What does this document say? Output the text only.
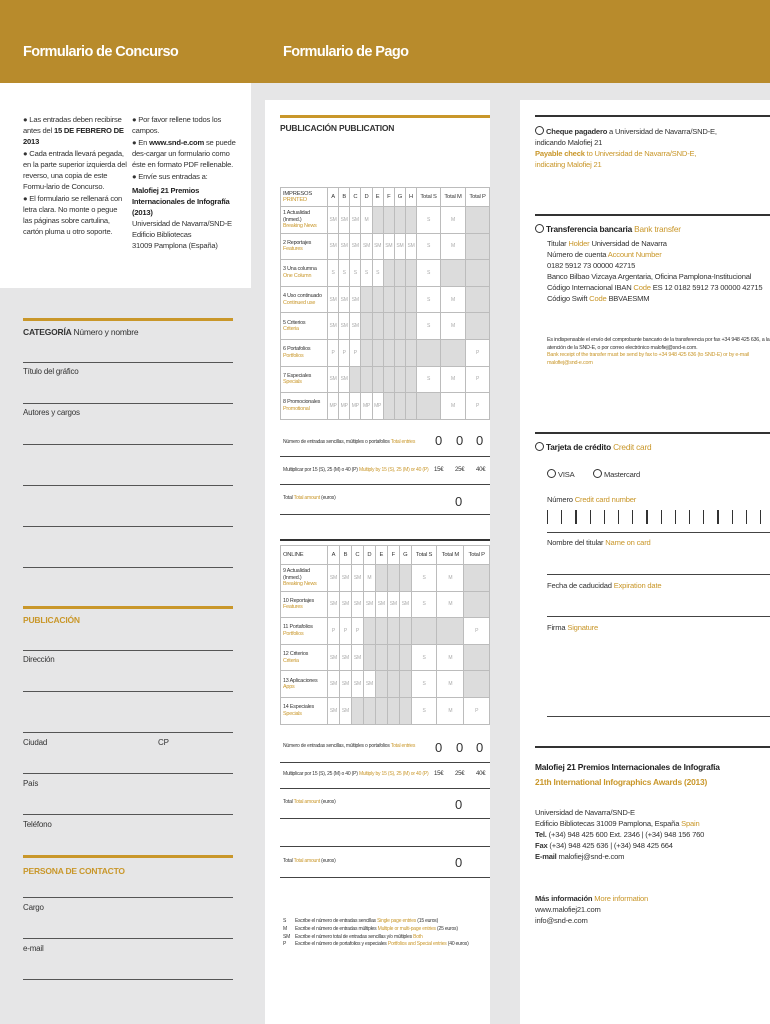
Formulario de Concurso	Formulario de Pago

● Las entradas deben recibirse antes del 15 DE FEBRERO DE 2013

● Cada entrada llevará pegada, en la parte superior izquierda del reverso, una copia de este Formu-lario de Concurso.

● El formulario se rellenará con letra clara. No monte o pegue las páginas sobre cartulina, cartón pluma u otro soporte.

● Por favor rellene todos los campos.

● En www.snd-e.com se puede des-cargar un formulario como éste en formato PDF rellenable.

● Envíe sus entradas a:

Malofiej 21 Premios Internacionales de Infografía (2013)
Universidad de Navarra/SND-E
Edificio Bibliotecas
31009 Pamplona (España)

CATEGORÍA Número y nombre
Título del gráfico
Autores y cargos
PUBLICACIÓN
Dirección
Ciudad	CP
País
Teléfono
PERSONA DE CONTACTO
Cargo
e-mail
PUBLICACIÓN PUBLICATION
IMPRESOS PRINTED	A	B	C	D	E	F	G	H	Total S	Total M	Total P
1 Actualidad (Inmed.)
Breaking News	SM	SM	SM	M					S	M	
2 Reportajes
Features	SM	SM	SM	SM	SM	SM	SM	SM	S	M	
3 Una columna
One Column	S	S	S	S	S				S		
4 Uso continuado
Continued use	SM	SM	SM						S	M	
5 Criterios
Criteria	SM	SM	SM						S	M	
6 Portafolios
Portfolios	P	P	P								P
7 Especiales
Specials	SM	SM							S	M	P
8 Promocionales
Promotional	MP	MP	MP	MP	MP					M	P
Número de entradas sencillas, múltiples o portafolios Total entries 0 0 0
Multiplicar por 15 (S), 25 (M) o 40 (P) Multiply by 15 (S), 25 (M) or 40 (P) 15€ 25€ 40€
Total Total amount (euros)	0
ONLINE	A	B	C	D	E	F	G	Total S	Total M	Total P
9 Actualidad (Inmed.)
Breaking News	SM	SM	SM	M				S	M	
10 Reportajes
Features	SM	SM	SM	SM	SM	SM	SM	S	M	
11 Portafolios
Portfolios	P	P	P							P
12 Criterios
Criteria	SM	SM	SM					S	M	
13 Aplicaciones
Apps	SM	SM	SM	SM				S	M	
14 Especiales
Specials	SM	SM						S	M	P
Número de entradas sencillas, múltiples o portafolios Total entries 0 0 0
Multiplicar por 15 (S), 25 (M) o 40 (P) Multiply by 15 (S), 25 (M) or 40 (P) 15€ 25€ 40€
Total Total amount (euros)	0
Total Total amount (euros)	0
S Escribe el número de entradas sencillas Single page entries (15 euros)
M Escribe el número de entradas múltiples Multiple or multi-page entries (25 euros)
SM Escribe el número total de entradas sencillas y/o múltiples Both
P Escribe el número de portafolios y especiales Portfolios and Special entries (40 euros)
Cheque pagadero a Universidad de Navarra/SND-E,
indicando Malofiej 21
Payable check to Universidad de Navarra/SND-E,
indicating Malofiej 21
Transferencia bancaria Bank transfer
Titular Holder Universidad de Navarra
Número de cuenta Account Number
0182 5912 73 00000 42715
Banco Bilbao Vizcaya Argentaria, Oficina Pamplona-Institucional
Código Internacional IBAN Code ES 12 0182 5912 73 00000 42715
Código Swift Code BBVAESMM
Es indispensable el envío del comprobante bancario de la transferencia por fax +34 948 425 636, a la atención de la SND-E, o por correo electrónico malofiej@snd-e.com.
Bank receipt of the transfer must be send by fax to +34 948 425 636 (to SND-E) or by e-mail malofiej@snd-e.com
Tarjeta de crédito Credit card
VISA	Mastercard
Número Credit card number
Nombre del titular Name on card
Fecha de caducidad Expiration date
Firma Signature
Malofiej 21 Premios Internacionales de Infografía
21th International Infographics Awards (2013)
Universidad de Navarra/SND-E
Edificio Bibliotecas 31009 Pamplona, España Spain
Tel. (+34) 948 425 600 Ext. 2346 | (+34) 948 156 760
Fax (+34) 948 425 636 | (+34) 948 425 664
E-mail malofiej@snd-e.com
Más información More information
www.malofiej21.com
info@snd-e.com
